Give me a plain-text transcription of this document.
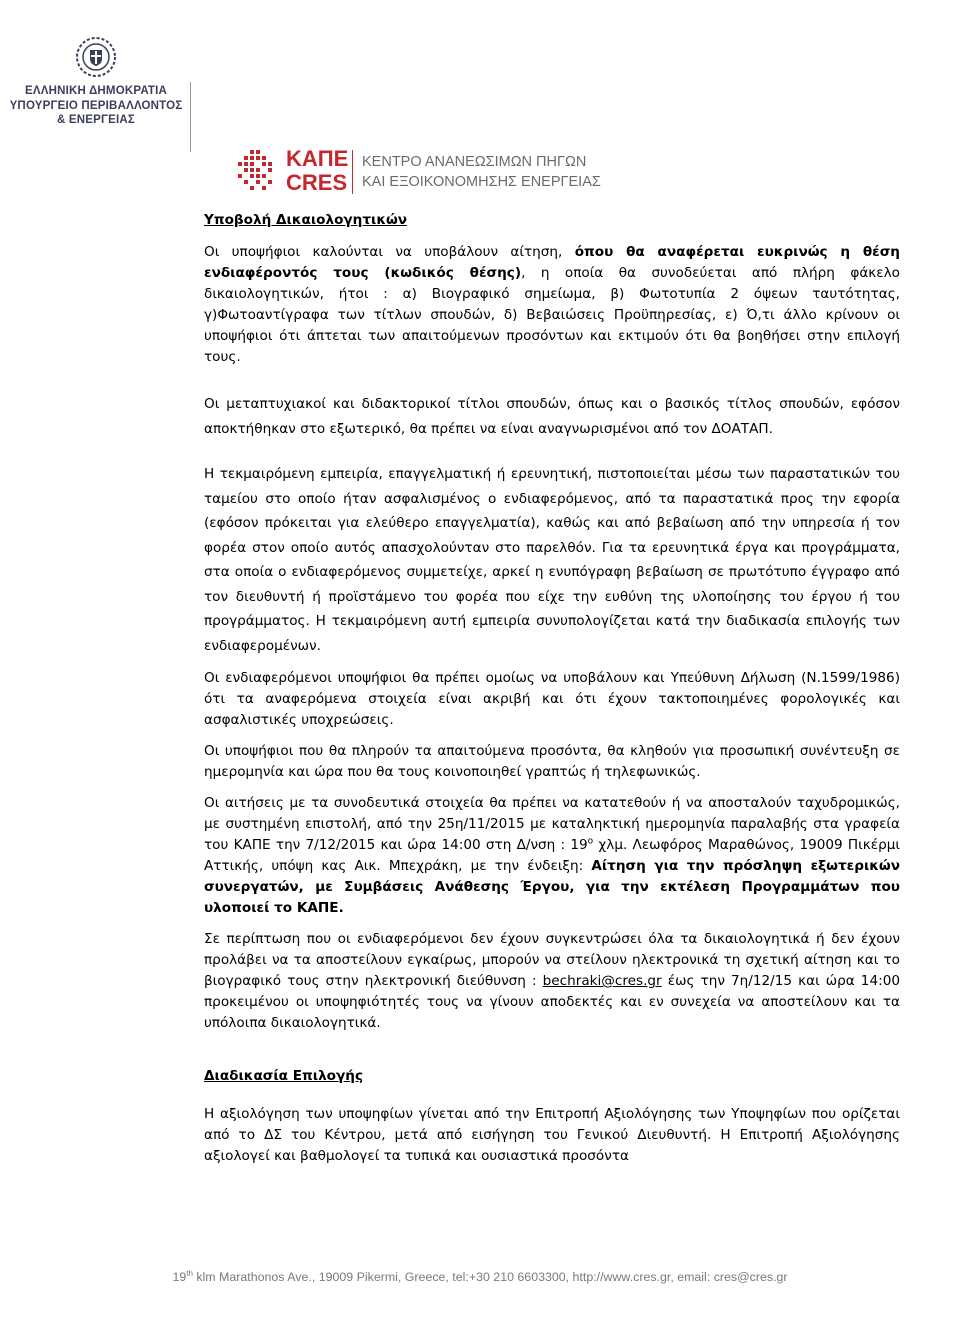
ΕΛΛΗΝΙΚΗ ΔΗΜΟΚΡΑΤΙΑ
ΥΠΟΥΡΓΕΙΟ ΠΕΡΙΒΑΛΛΟΝΤΟΣ
& ΕΝΕΡΓΕΙΑΣ
ΚΑΠΕ
CRES
ΚΕΝΤΡΟ ΑΝΑΝΕΩΣΙΜΩΝ ΠΗΓΩΝ
ΚΑΙ ΕΞΟΙΚΟΝΟΜΗΣΗΣ ΕΝΕΡΓΕΙΑΣ
Υποβολή Δικαιολογητικών

Οι υποψήφιοι καλούνται να υποβάλουν αίτηση, όπου θα αναφέρεται ευκρινώς η θέση ενδιαφέροντός τους (κωδικός θέσης), η οποία θα συνοδεύεται από πλήρη φάκελο δικαιολογητικών, ήτοι : α) Βιογραφικό σημείωμα, β) Φωτοτυπία 2 όψεων ταυτότητας, γ)Φωτοαντίγραφα των τίτλων σπουδών, δ) Βεβαιώσεις Προϋπηρεσίας, ε) Ό,τι άλλο κρίνουν οι υποψήφιοι ότι άπτεται των απαιτούμενων προσόντων και εκτιμούν ότι θα βοηθήσει στην επιλογή τους.

Οι μεταπτυχιακοί και διδακτορικοί τίτλοι σπουδών, όπως και ο βασικός τίτλος σπουδών, εφόσον αποκτήθηκαν στο εξωτερικό, θα πρέπει να είναι αναγνωρισμένοι από τον ΔΟΑΤΑΠ.

Η τεκμαιρόμενη εμπειρία, επαγγελματική ή ερευνητική, πιστοποιείται μέσω των παραστατικών του ταμείου στο οποίο ήταν ασφαλισμένος ο ενδιαφερόμενος, από τα παραστατικά προς την εφορία (εφόσον πρόκειται για ελεύθερο επαγγελματία), καθώς και από βεβαίωση από την υπηρεσία ή τον φορέα στον οποίο αυτός απασχολούνταν στο παρελθόν. Για τα ερευνητικά έργα και προγράμματα, στα οποία ο ενδιαφερόμενος συμμετείχε, αρκεί η ενυπόγραφη βεβαίωση σε πρωτότυπο έγγραφο από τον διευθυντή ή προϊστάμενο του φορέα που είχε την ευθύνη της υλοποίησης του έργου ή του προγράμματος. Η τεκμαιρόμενη αυτή εμπειρία συνυπολογίζεται κατά την διαδικασία επιλογής των ενδιαφερομένων.

Οι ενδιαφερόμενοι υποψήφιοι θα πρέπει ομοίως να υποβάλουν και Υπεύθυνη Δήλωση (Ν.1599/1986) ότι τα αναφερόμενα στοιχεία είναι ακριβή και ότι έχουν τακτοποιημένες φορολογικές και ασφαλιστικές υποχρεώσεις.

Οι υποψήφιοι που θα πληρούν τα απαιτούμενα προσόντα, θα κληθούν για προσωπική συνέντευξη σε ημερομηνία και ώρα που θα τους κοινοποιηθεί γραπτώς ή τηλεφωνικώς.

Οι αιτήσεις με τα συνοδευτικά στοιχεία θα πρέπει να κατατεθούν ή να αποσταλούν ταχυδρομικώς, με συστημένη επιστολή, από την 25η/11/2015 με καταληκτική ημερομηνία παραλαβής στα γραφεία του ΚΑΠΕ την 7/12/2015 και ώρα 14:00 στη Δ/νση : $19^o$ χλμ. Λεωφόρος Μαραθώνος, 19009 Πικέρμι Αττικής, υπόψη κας Αικ. Μπεχράκη, με την ένδειξη: Αίτηση για την πρόσληψη εξωτερικών συνεργατών, με Συμβάσεις Ανάθεσης Έργου, για την εκτέλεση Προγραμμάτων που υλοποιεί το ΚΑΠΕ.

Σε περίπτωση που οι ενδιαφερόμενοι δεν έχουν συγκεντρώσει όλα τα δικαιολογητικά ή δεν έχουν προλάβει να τα αποστείλουν εγκαίρως, μπορούν να στείλουν ηλεκτρονικά τη σχετική αίτηση και το βιογραφικό τους στην ηλεκτρονική διεύθυνση : bechraki@cres.gr έως την 7η/12/15 και ώρα 14:00 προκειμένου οι υποψηφιότητές τους να γίνουν αποδεκτές και εν συνεχεία να αποστείλουν και τα υπόλοιπα δικαιολογητικά.

Διαδικασία Επιλογής

Η αξιολόγηση των υποψηφίων γίνεται από την Επιτροπή Αξιολόγησης των Υποψηφίων που ορίζεται από το ΔΣ του Κέντρου, μετά από εισήγηση του Γενικού Διευθυντή. Η Επιτροπή Αξιολόγησης αξιολογεί και βαθμολογεί τα τυπικά και ουσιαστικά προσόντα

19th klm Marathonos Ave., 19009 Pikermi, Greece, tel:+30 210 6603300, http://www.cres.gr, email: cres@cres.gr
